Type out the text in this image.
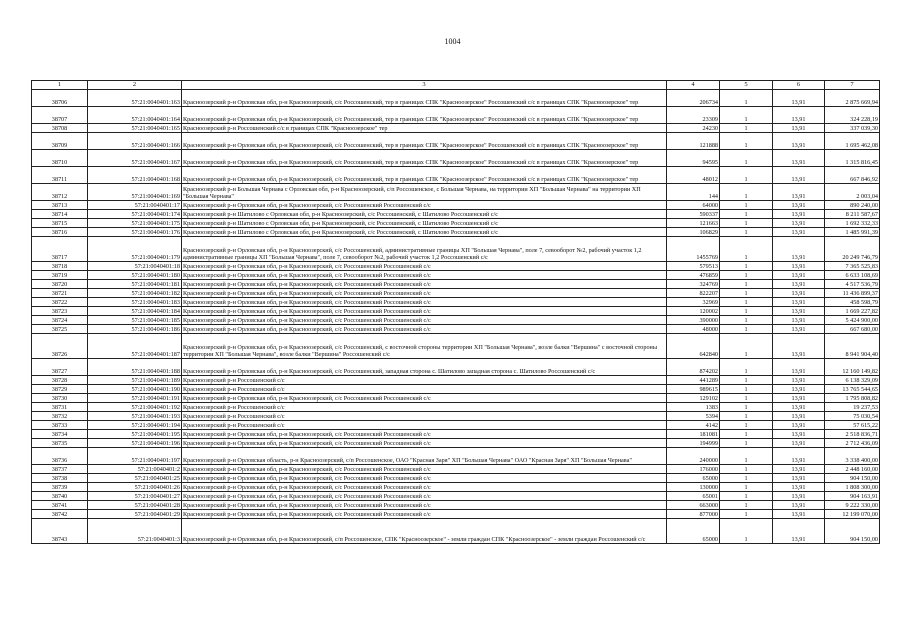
1004
1	2	3	4	5	6	7
38706	57:21:0040401:163	Красноозерский р-н Орловская обл, р-н Красноозерский, с/с Россошенский, тер в границах СПК "Красноозерское" Россошенский с/с в границах СПК "Красноозерское" тер	206734	1	13,91	2 875 669,94
38707	57:21:0040401:164	Красноозерский р-н Орловская обл, р-н Красноозерский, с/с Россошенский, тер в границах СПК "Красноозерское" Россошенский с/с в границах СПК "Красноозерское" тер	23309	1	13,91	324 228,19
38708	57:21:0040401:165	Красноозерский р-н Россошенский с/с в границах СПК "Красноозерское" тер	24230	1	13,91	337 039,30
38709	57:21:0040401:166	Красноозерский р-н Орловская обл, р-н Красноозерский, с/с Россошенский, тер в границах СПК "Красноозерское" Россошенский с/с в границах СПК "Красноозерское" тер	121888	1	13,91	1 695 462,08
38710	57:21:0040401:167	Красноозерский р-н Орловская обл, р-н Красноозерский, с/с Россошенский, тер в границах СПК "Красноозерское" Россошенский с/с в границах СПК "Красноозерское" тер	94595	1	13,91	1 315 816,45
38711	57:21:0040401:168	Красноозерский р-н Орловская обл, р-н Красноозерский, с/с Россошенский, тер в границах СПК "Красноозерское" Россошенский с/с в границах СПК "Красноозерское" тер	48012	1	13,91	667 846,92
38712	57:21:0040401:169	Красноозерский р-н Большая Чернава с Орловская обл, р-н Красноозерский, с/п Россошенское, с Большая Чернава, на территории ХП "Большая Чернава" на территории ХП "Большая Чернава"	144	1	13,91	2 003,04
38713	57:21:0040401:17	Красноозерский р-н Орловская обл, р-н Красноозерский, с/с Россошенский Россошенский с/с	64000	1	13,91	890 240,00
38714	57:21:0040401:174	Красноозерский р-н Шатилово с Орловская обл, р-н Красноозерский, с/с Россошенский, с Шатилово Россошенский с/с	590337	1	13,91	8 211 587,67
38715	57:21:0040401:175	Красноозерский р-н Шатилово с Орловская обл, р-н Красноозерский, с/с Россошенский, с Шатилово Россошенский с/с	121663	1	13,91	1 692 332,33
38716	57:21:0040401:176	Красноозерский р-н Шатилово с Орловская обл, р-н Красноозерский, с/с Россошенский, с Шатилово Россошенский с/с	106829	1	13,91	1 485 991,39
38717	57:21:0040401:179	Красноозерский р-н Орловская обл, р-н Красноозерский, с/с Россошенский, административные границы ХП "Большая Чернава", поле 7, севооборот №2, рабочий участок 1,2 административные границы ХП "Большая Чернава", поле 7, севооборот №2, рабочий участок 1,2 Россошенский с/с	1455769	1	13,91	20 249 746,79
38718	57:21:0040401:18	Красноозерский р-н Орловская обл, р-н Красноозерский, с/с Россошенский Россошенский с/с	579513	1	13,91	7 365 525,83
38719	57:21:0040401:180	Красноозерский р-н Орловская обл, р-н Красноозерский, с/с Россошенский Россошенский с/с	476859	1	13,91	6 633 108,69
38720	57:21:0040401:181	Красноозерский р-н Орловская обл, р-н Красноозерский, с/с Россошенский Россошенский с/с	324769	1	13,91	4 517 536,79
38721	57:21:0040401:182	Красноозерский р-н Орловская обл, р-н Красноозерский, с/с Россошенский Россошенский с/с	822207	1	13,91	11 436 899,37
38722	57:21:0040401:183	Красноозерский р-н Орловская обл, р-н Красноозерский, с/с Россошенский Россошенский с/с	32969	1	13,91	458 598,79
38723	57:21:0040401:184	Красноозерский р-н Орловская обл, р-н Красноозерский, с/с Россошенский Россошенский с/с	120002	1	13,91	1 669 227,82
38724	57:21:0040401:185	Красноозерский р-н Орловская обл, р-н Красноозерский, с/с Россошенский Россошенский с/с	390000	1	13,91	5 424 900,00
38725	57:21:0040401:186	Красноозерский р-н Орловская обл, р-н Красноозерский, с/с Россошенский Россошенский с/с	48000	1	13,91	667 680,00
38726	57:21:0040401:187	Красноозерский р-н Орловская обл, р-н Красноозерский, с/с Россошенский, с восточной стороны территории ХП "Большая Чернава", возле балки "Вершина" с восточной стороны территории ХП "Большая Чернава", возле балки "Вершина" Россошенский с/с	642840	1	13,91	8 941 904,40
38727	57:21:0040401:188	Красноозерский р-н Орловская обл, р-н Красноозерский, с/с Россошенский, западная сторона с. Шатилово западная сторона с. Шатилово Россошенский с/с	874202	1	13,91	12 160 149,82
38728	57:21:0040401:189	Красноозерский р-н Россошенский с/с	441289	1	13,91	6 138 329,09
38729	57:21:0040401:190	Красноозерский р-н Россошенский с/с	989615	1	13,91	13 765 544,65
38730	57:21:0040401:191	Красноозерский р-н Орловская обл, р-н Красноозерский, с/с Россошенский Россошенский с/с	129102	1	13,91	1 795 808,82
38731	57:21:0040401:192	Красноозерский р-н Россошенский с/с	1383	1	13,91	19 237,53
38732	57:21:0040401:193	Красноозерский р-н Россошенский с/с	5394	1	13,91	75 030,54
38733	57:21:0040401:194	Красноозерский р-н Россошенский с/с	4142	1	13,91	57 615,22
38734	57:21:0040401:195	Красноозерский р-н Орловская обл, р-н Красноозерский, с/с Россошенский Россошенский с/с	181081	1	13,91	2 518 836,71
38735	57:21:0040401:196	Красноозерский р-н Орловская обл, р-н Красноозерский, с/с Россошенский Россошенский с/с	194999	1	13,91	2 712 436,09
38736	57:21:0040401:197	Красноозерский р-н Орловская область, р-н Красноозерский, с/п Россошенское, ОАО "Красная Заря" ХП "Большая Чернава" ОАО "Красная Заря" ХП "Большая Чернава"	240000	1	13,91	3 338 400,00
38737	57:21:0040401:2	Красноозерский р-н Орловская обл, р-н Красноозерский, с/с Россошенский Россошенский с/с	176000	1	13,91	2 448 160,00
38738	57:21:0040401:25	Красноозерский р-н Орловская обл, р-н Красноозерский, с/с Россошенский Россошенский с/с	65000	1	13,91	904 150,00
38739	57:21:0040401:26	Красноозерский р-н Орловская обл, р-н Красноозерский, с/с Россошенский Россошенский с/с	130000	1	13,91	1 808 300,00
38740	57:21:0040401:27	Красноозерский р-н Орловская обл, р-н Красноозерский, с/с Россошенский Россошенский с/с	65001	1	13,91	904 163,91
38741	57:21:0040401:28	Красноозерский р-н Орловская обл, р-н Красноозерский, с/с Россошенский Россошенский с/с	663000	1	13,91	9 222 330,00
38742	57:21:0040401:29	Красноозерский р-н Орловская обл, р-н Красноозерский, с/с Россошенский Россошенский с/с	877000	1	13,91	12 199 070,00
38743	57:21:0040401:3	Красноозерский р-н Орловская обл, р-н Красноозерский, с/п Россошенское, СПК "Красноозерское" - земли граждан СПК "Красноозерское" - земли граждан Россошенский с/с	65000	1	13,91	904 150,00
